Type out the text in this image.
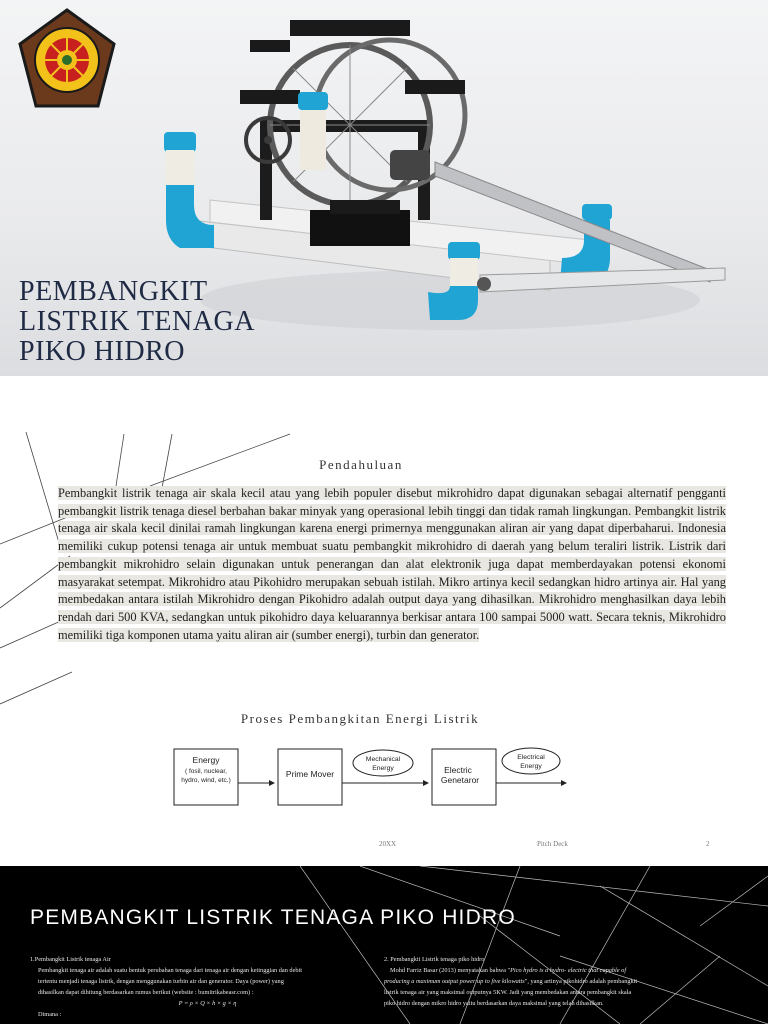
PEMBANGKIT
LISTRIK TENAGA
PIKO HIDRO
Pendahuluan
Pembangkit listrik tenaga air skala kecil atau yang lebih populer disebut mikrohidro dapat digunakan sebagai alternatif pengganti pembangkit listrik tenaga diesel berbahan bakar minyak yang operasional lebih tinggi dan tidak ramah lingkungan. Pembangkit listrik tenaga air skala kecil dinilai ramah lingkungan karena energi primernya menggunakan aliran air yang dapat diperbaharui. Indonesia memiliki cukup potensi tenaga air untuk membuat suatu pembangkit mikrohidro di daerah yang belum teraliri listrik. Listrik dari pembangkit mikrohidro selain digunakan untuk penerangan dan alat elektronik juga dapat memberdayakan potensi ekonomi masyarakat setempat. Mikrohidro atau Pikohidro merupakan sebuah istilah. Mikro artinya kecil sedangkan hidro artinya air. Hal yang membedakan antara istilah Mikrohidro dengan Pikohidro adalah output daya yang dihasilkan. Mikrohidro menghasilkan daya lebih rendah dari 500 KVA, sedangkan untuk pikohidro daya keluarannya berkisar antara 100 sampai 5000 watt. Secara teknis, Mikrohidro memiliki tiga komponen utama yaitu aliran air (sumber energi), turbin dan generator.
Proses Pembangkitan Energi Listrik
Energy
( fosil, nuclear,
hydro, wind, etc.)
Prime Mover
Mechanical
Energy	Electric
Genetaror
Electrical
Energy
20XX	Pitch Deck	2
PEMBANGKIT LISTRIK TENAGA PIKO HIDRO

1.Pembangkit Listrik tenaga Air

Pembangkit tenaga air adalah suatu bentuk perubahan tenaga dari tenaga air dengan ketinggian dan debit

tertentu menjadi tenaga listrik, dengan menggunakan turbin air dan generator. Daya (power) yang

dihasilkan dapat dihitung berdasarkan rumus berikut (website : bumitrikabeasr.com) :

P = ρ × Q × h × g × η

Dimana :

2. Pembangkit Listrik tenaga piko hidro

Mohd Farriz Basar (2013) menyatakan bahwa "Pico hydro is a hydro- electric that capable of

producing a maximum output power up to five kilowatts", yang artinya pikohidro adalah pembangkit

listrik tenaga air yang maksimal outputnya 5KW. Jadi yang membedakan antara pembangkit skala

piko hidro dengan mikro hidro yaitu berdasarkan daya maksimal yang telah dihasilkan.
